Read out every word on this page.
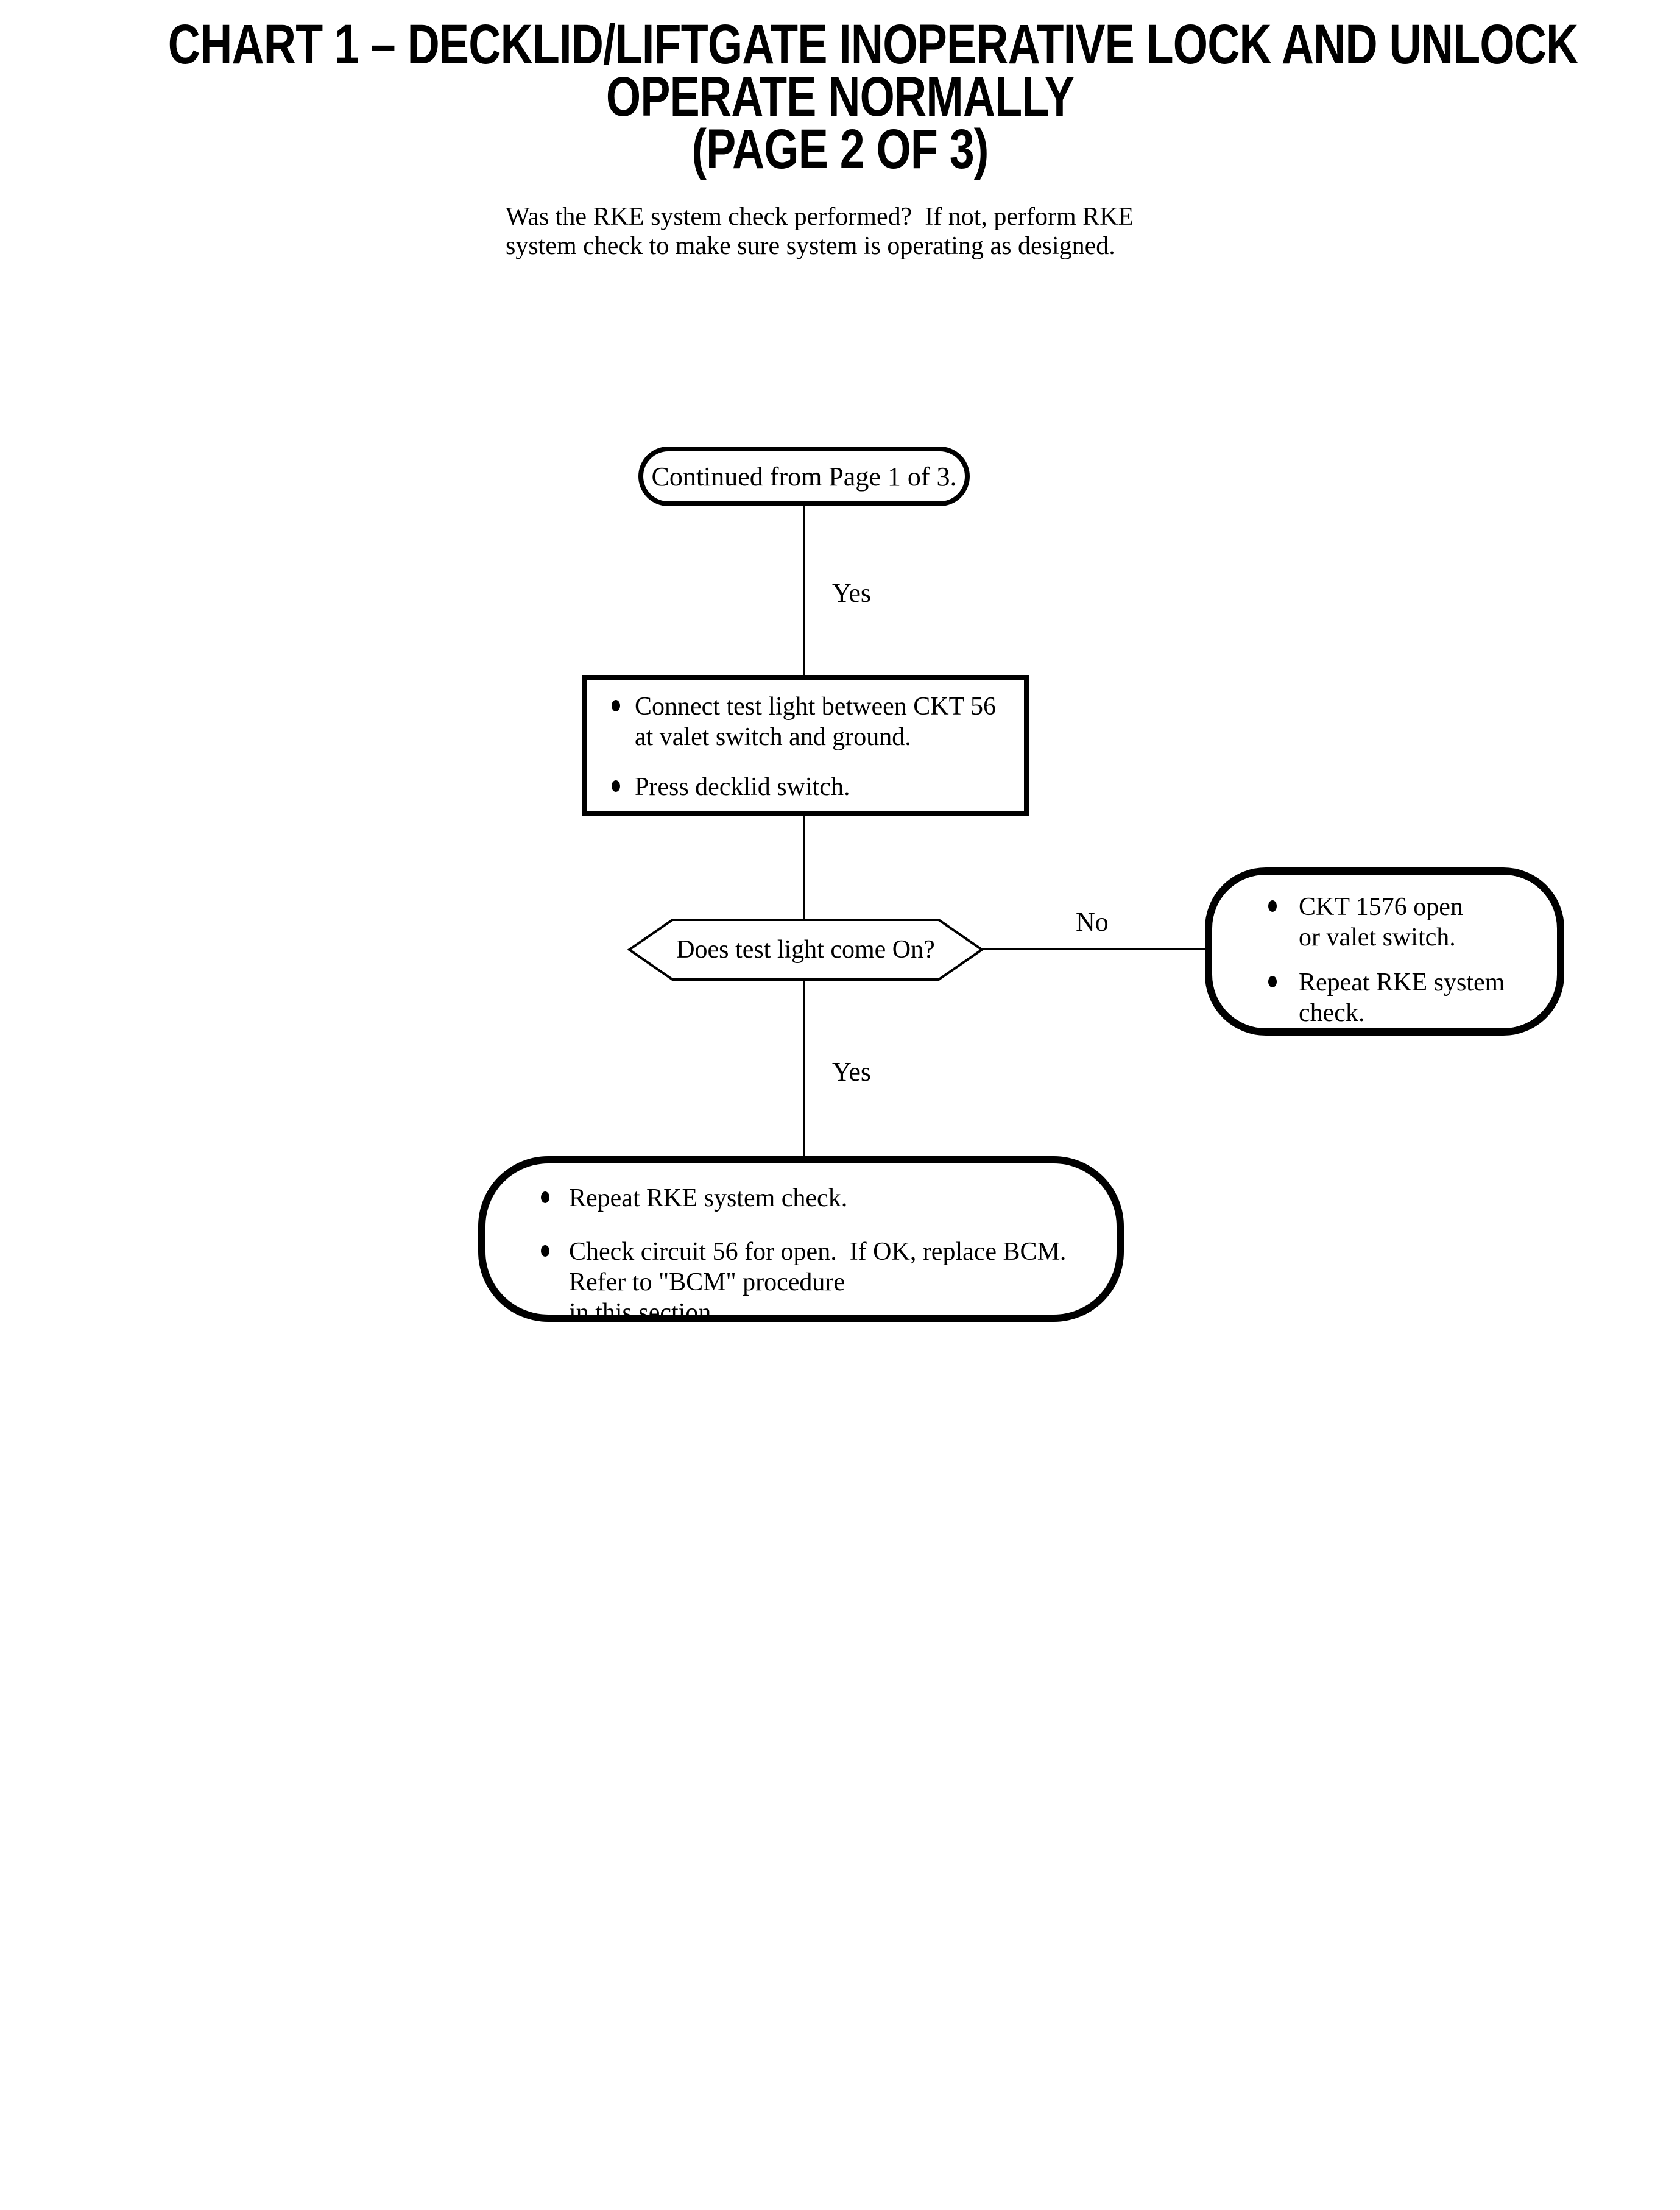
CHART 1 – DECKLID/LIFTGATE INOPERATIVE LOCK AND UNLOCK
OPERATE NORMALLY
(PAGE 2 OF 3)
Was the RKE system check performed?  If not, perform RKE
system check to make sure system is operating as designed.
Continued from Page 1 of 3.
Yes
Connect test light between CKT 56
at valet switch and ground.
Press decklid switch.
Does test light come On?
No	CKT 1576 open
or valet switch.
Repeat RKE system
check.
Yes
Repeat RKE system check.
Check circuit 56 for open.  If OK, replace BCM.
Refer to "BCM" procedure
in this section.
